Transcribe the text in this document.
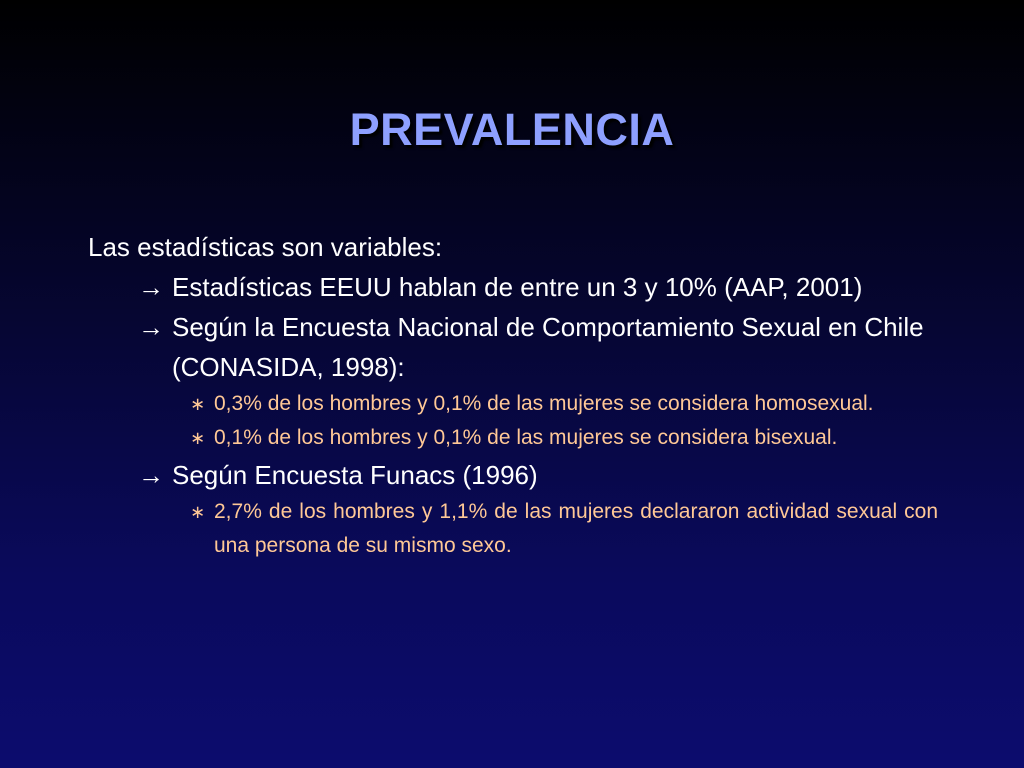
PREVALENCIA
Las estadísticas son variables:
→ Estadísticas EEUU hablan de entre un 3 y 10% (AAP, 2001)
→ Según la Encuesta Nacional de Comportamiento Sexual en Chile (CONASIDA, 1998):
∗ 0,3% de los hombres y 0,1% de las mujeres se considera homosexual.
∗ 0,1% de los hombres y 0,1% de las mujeres se considera bisexual.
→ Según Encuesta Funacs (1996)
∗ 2,7% de los hombres y 1,1% de las mujeres declararon actividad sexual con una persona de su mismo sexo.
